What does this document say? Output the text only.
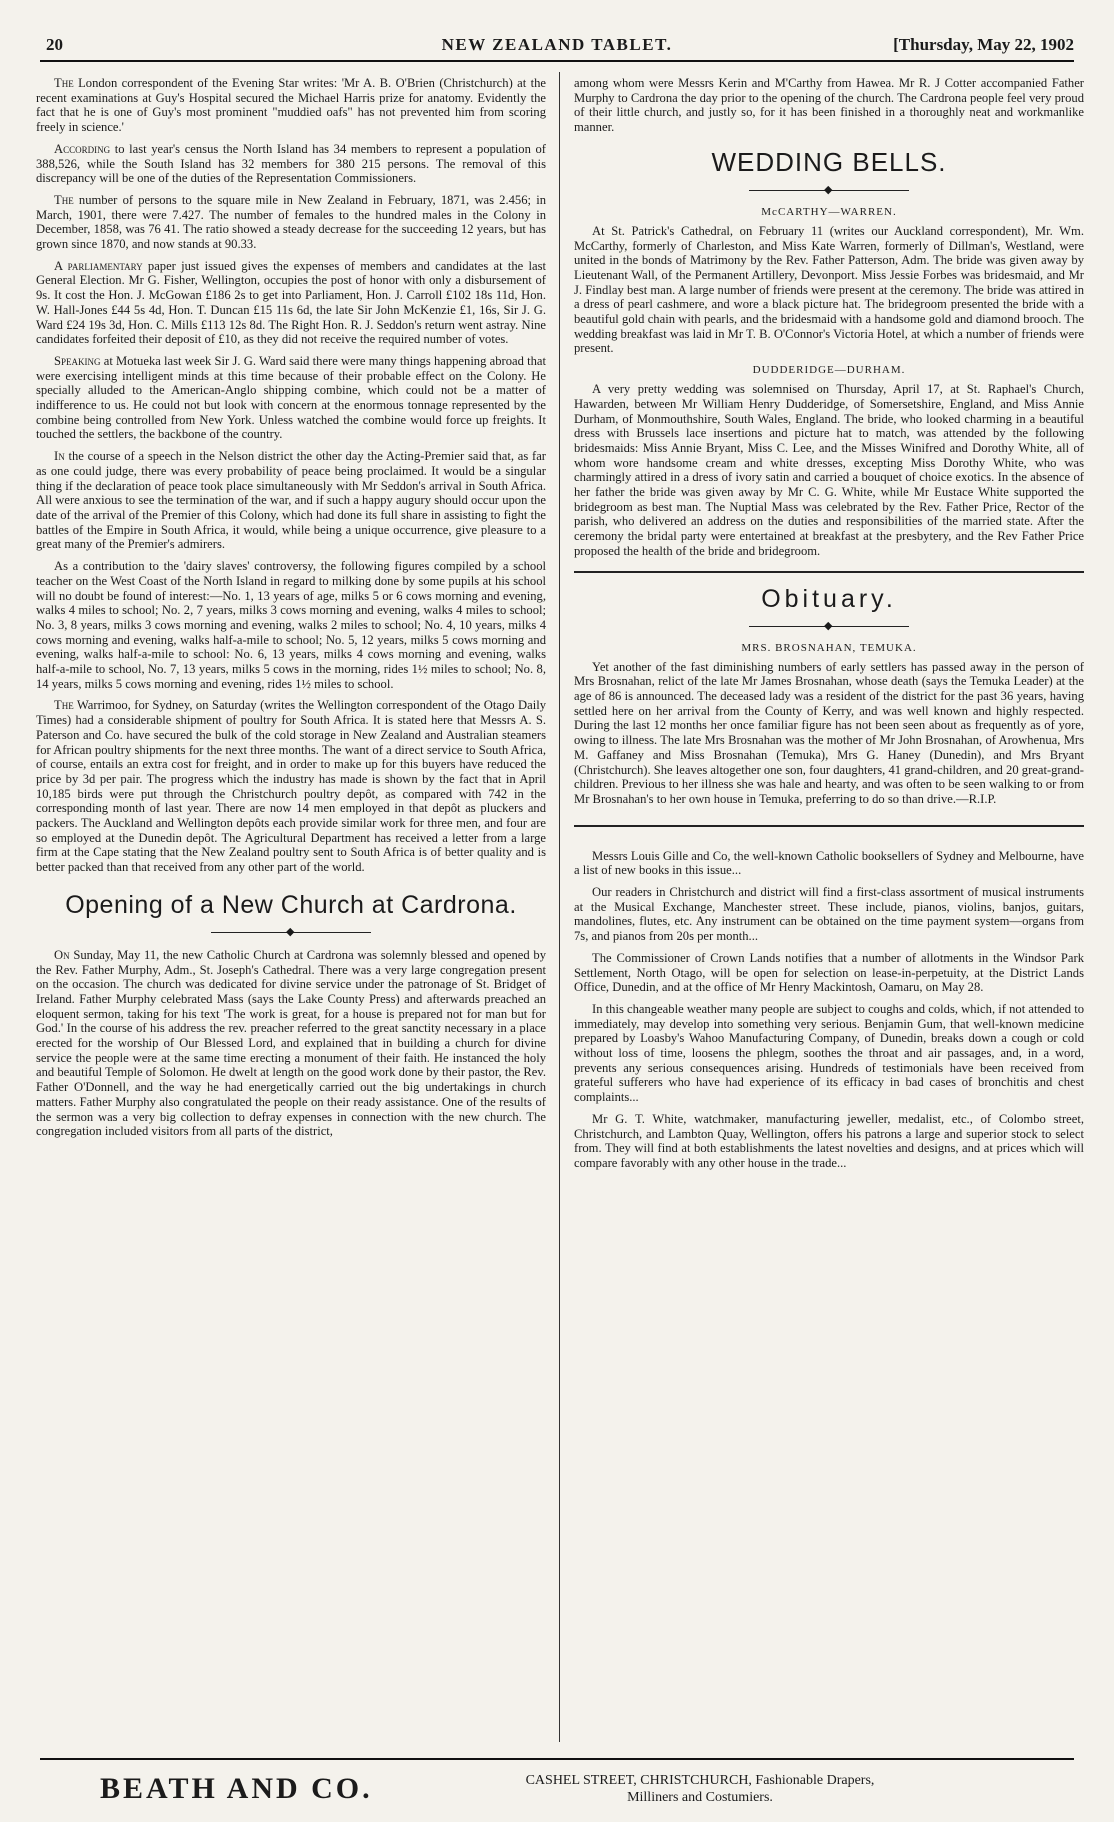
20	NEW ZEALAND TABLET.	[Thursday, May 22, 1902

The London correspondent of the Evening Star writes: 'Mr A. B. O'Brien (Christchurch) at the recent examinations at Guy's Hospital secured the Michael Harris prize for anatomy. Evidently the fact that he is one of Guy's most prominent "muddied oafs" has not prevented him from scoring freely in science.'

According to last year's census the North Island has 34 members to represent a population of 388,526, while the South Island has 32 members for 380 215 persons. The removal of this discrepancy will be one of the duties of the Representation Commissioners.

The number of persons to the square mile in New Zealand in February, 1871, was 2.456; in March, 1901, there were 7.427. The number of females to the hundred males in the Colony in December, 1858, was 76 41. The ratio showed a steady decrease for the succeeding 12 years, but has grown since 1870, and now stands at 90.33.

A parliamentary paper just issued gives the expenses of members and candidates at the last General Election. Mr G. Fisher, Wellington, occupies the post of honor with only a disbursement of 9s. It cost the Hon. J. McGowan £186 2s to get into Parliament, Hon. J. Carroll £102 18s 11d, Hon. W. Hall-Jones £44 5s 4d, Hon. T. Duncan £15 11s 6d, the late Sir John McKenzie £1, 16s, Sir J. G. Ward £24 19s 3d, Hon. C. Mills £113 12s 8d. The Right Hon. R. J. Seddon's return went astray. Nine candidates forfeited their deposit of £10, as they did not receive the required number of votes.

Speaking at Motueka last week Sir J. G. Ward said there were many things happening abroad that were exercising intelligent minds at this time because of their probable effect on the Colony. He specially alluded to the American-Anglo shipping combine, which could not be a matter of indifference to us. He could not but look with concern at the enormous tonnage represented by the combine being controlled from New York. Unless watched the combine would force up freights. It touched the settlers, the backbone of the country.

In the course of a speech in the Nelson district the other day the Acting-Premier said that, as far as one could judge, there was every probability of peace being proclaimed. It would be a singular thing if the declaration of peace took place simultaneously with Mr Seddon's arrival in South Africa. All were anxious to see the termination of the war, and if such a happy augury should occur upon the date of the arrival of the Premier of this Colony, which had done its full share in assisting to fight the battles of the Empire in South Africa, it would, while being a unique occurrence, give pleasure to a great many of the Premier's admirers.

As a contribution to the 'dairy slaves' controversy, the following figures compiled by a school teacher on the West Coast of the North Island in regard to milking done by some pupils at his school will no doubt be found of interest:—No. 1, 13 years of age, milks 5 or 6 cows morning and evening, walks 4 miles to school; No. 2, 7 years, milks 3 cows morning and evening, walks 4 miles to school; No. 3, 8 years, milks 3 cows morning and evening, walks 2 miles to school; No. 4, 10 years, milks 4 cows morning and evening, walks half-a-mile to school; No. 5, 12 years, milks 5 cows morning and evening, walks half-a-mile to school: No. 6, 13 years, milks 4 cows morning and evening, walks half-a-mile to school, No. 7, 13 years, milks 5 cows in the morning, rides 1½ miles to school; No. 8, 14 years, milks 5 cows morning and evening, rides 1½ miles to school.

The Warrimoo, for Sydney, on Saturday (writes the Wellington correspondent of the Otago Daily Times) had a considerable shipment of poultry for South Africa. It is stated here that Messrs A. S. Paterson and Co. have secured the bulk of the cold storage in New Zealand and Australian steamers for African poultry shipments for the next three months. The want of a direct service to South Africa, of course, entails an extra cost for freight, and in order to make up for this buyers have reduced the price by 3d per pair. The progress which the industry has made is shown by the fact that in April 10,185 birds were put through the Christchurch poultry depôt, as compared with 742 in the corresponding month of last year. There are now 14 men employed in that depôt as pluckers and packers. The Auckland and Wellington depôts each provide similar work for three men, and four are so employed at the Dunedin depôt. The Agricultural Department has received a letter from a large firm at the Cape stating that the New Zealand poultry sent to South Africa is of better quality and is better packed than that received from any other part of the world.

Opening of a New Church at Cardrona.
◆

On Sunday, May 11, the new Catholic Church at Cardrona was solemnly blessed and opened by the Rev. Father Murphy, Adm., St. Joseph's Cathedral. There was a very large congregation present on the occasion. The church was dedicated for divine service under the patronage of St. Bridget of Ireland. Father Murphy celebrated Mass (says the Lake County Press) and afterwards preached an eloquent sermon, taking for his text 'The work is great, for a house is prepared not for man but for God.' In the course of his address the rev. preacher referred to the great sanctity necessary in a place erected for the worship of Our Blessed Lord, and explained that in building a church for divine service the people were at the same time erecting a monument of their faith. He instanced the holy and beautiful Temple of Solomon. He dwelt at length on the good work done by their pastor, the Rev. Father O'Donnell, and the way he had energetically carried out the big undertakings in church matters. Father Murphy also congratulated the people on their ready assistance. One of the results of the sermon was a very big collection to defray expenses in connection with the new church. The congregation included visitors from all parts of the district,

among whom were Messrs Kerin and M'Carthy from Hawea. Mr R. J Cotter accompanied Father Murphy to Cardrona the day prior to the opening of the church. The Cardrona people feel very proud of their little church, and justly so, for it has been finished in a thoroughly neat and workmanlike manner.

WEDDING BELLS.
◆
McCARTHY—WARREN.

At St. Patrick's Cathedral, on February 11 (writes our Auckland correspondent), Mr. Wm. McCarthy, formerly of Charleston, and Miss Kate Warren, formerly of Dillman's, Westland, were united in the bonds of Matrimony by the Rev. Father Patterson, Adm. The bride was given away by Lieutenant Wall, of the Permanent Artillery, Devonport. Miss Jessie Forbes was bridesmaid, and Mr J. Findlay best man. A large number of friends were present at the ceremony. The bride was attired in a dress of pearl cashmere, and wore a black picture hat. The bridegroom presented the bride with a beautiful gold chain with pearls, and the bridesmaid with a handsome gold and diamond brooch. The wedding breakfast was laid in Mr T. B. O'Connor's Victoria Hotel, at which a number of friends were present.

DUDDERIDGE—DURHAM.

A very pretty wedding was solemnised on Thursday, April 17, at St. Raphael's Church, Hawarden, between Mr William Henry Dudderidge, of Somersetshire, England, and Miss Annie Durham, of Monmouthshire, South Wales, England. The bride, who looked charming in a beautiful dress with Brussels lace insertions and picture hat to match, was attended by the following bridesmaids: Miss Annie Bryant, Miss C. Lee, and the Misses Winifred and Dorothy White, all of whom wore handsome cream and white dresses, excepting Miss Dorothy White, who was charmingly attired in a dress of ivory satin and carried a bouquet of choice exotics. In the absence of her father the bride was given away by Mr C. G. White, while Mr Eustace White supported the bridegroom as best man. The Nuptial Mass was celebrated by the Rev. Father Price, Rector of the parish, who delivered an address on the duties and responsibilities of the married state. After the ceremony the bridal party were entertained at breakfast at the presbytery, and the Rev Father Price proposed the health of the bride and bridegroom.

Obituary.
◆
MRS. BROSNAHAN, TEMUKA.

Yet another of the fast diminishing numbers of early settlers has passed away in the person of Mrs Brosnahan, relict of the late Mr James Brosnahan, whose death (says the Temuka Leader) at the age of 86 is announced. The deceased lady was a resident of the district for the past 36 years, having settled here on her arrival from the County of Kerry, and was well known and highly respected. During the last 12 months her once familiar figure has not been seen about as frequently as of yore, owing to illness. The late Mrs Brosnahan was the mother of Mr John Brosnahan, of Arowhenua, Mrs M. Gaffaney and Miss Brosnahan (Temuka), Mrs G. Haney (Dunedin), and Mrs Bryant (Christchurch). She leaves altogether one son, four daughters, 41 grand-children, and 20 great-grand-children. Previous to her illness she was hale and hearty, and was often to be seen walking to or from Mr Brosnahan's to her own house in Temuka, preferring to do so than drive.—R.I.P.

Messrs Louis Gille and Co, the well-known Catholic booksellers of Sydney and Melbourne, have a list of new books in this issue...

Our readers in Christchurch and district will find a first-class assortment of musical instruments at the Musical Exchange, Manchester street. These include, pianos, violins, banjos, guitars, mandolines, flutes, etc. Any instrument can be obtained on the time payment system—organs from 7s, and pianos from 20s per month...

The Commissioner of Crown Lands notifies that a number of allotments in the Windsor Park Settlement, North Otago, will be open for selection on lease-in-perpetuity, at the District Lands Office, Dunedin, and at the office of Mr Henry Mackintosh, Oamaru, on May 28.

In this changeable weather many people are subject to coughs and colds, which, if not attended to immediately, may develop into something very serious. Benjamin Gum, that well-known medicine prepared by Loasby's Wahoo Manufacturing Company, of Dunedin, breaks down a cough or cold without loss of time, loosens the phlegm, soothes the throat and air passages, and, in a word, prevents any serious consequences arising. Hundreds of testimonials have been received from grateful sufferers who have had experience of its efficacy in bad cases of bronchitis and chest complaints...

Mr G. T. White, watchmaker, manufacturing jeweller, medalist, etc., of Colombo street, Christchurch, and Lambton Quay, Wellington, offers his patrons a large and superior stock to select from. They will find at both establishments the latest novelties and designs, and at prices which will compare favorably with any other house in the trade...

BEATH AND CO.	CASHEL STREET, CHRISTCHURCH, Fashionable Drapers,
Milliners and Costumiers.
